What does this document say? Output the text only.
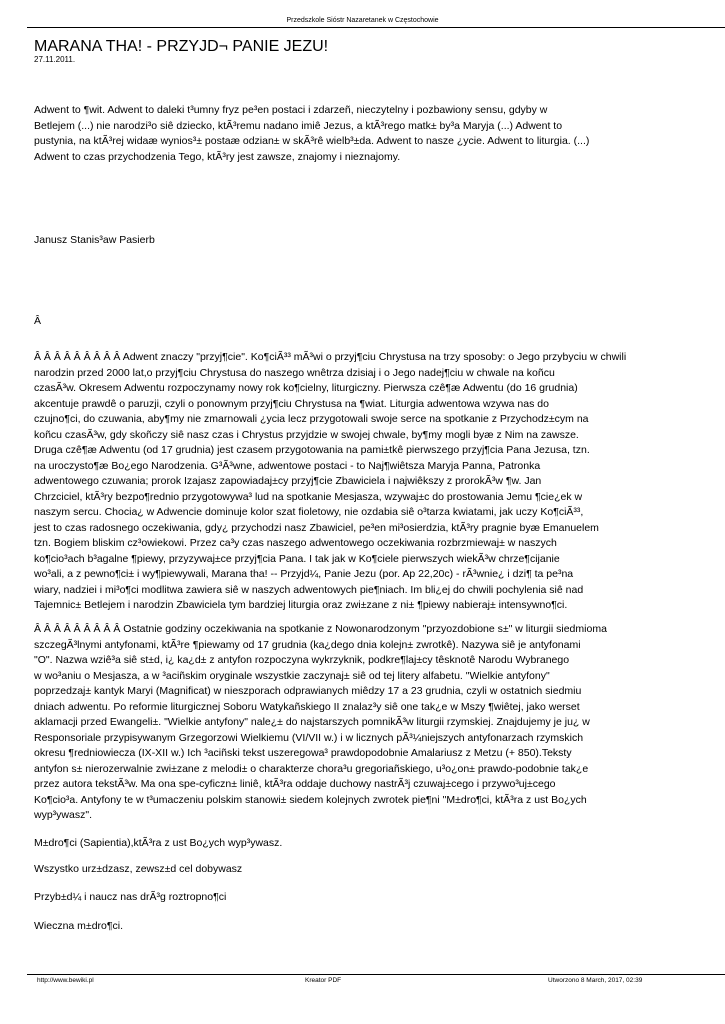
Przedszkole Sióstr Nazaretanek w Częstochowie
MARANA THA! - PRZYJD¬ PANIE JEZU!
27.11.2011.
Adwent to ¶wit. Adwent to daleki t³umny fryz pe³en postaci i zdarzeñ, nieczytelny i pozbawiony sensu, gdyby w
Betlejem (...) nie narodzi³o siê dziecko, ktÃ³remu nadano imiê Jezus, a ktÃ³rego matk± by³a Maryja (...) Adwent to
pustynia, na ktÃ³rej widaæ wynios³± postaæ odzian± w skÃ³rê wielb³±da. Adwent to nasze ¿ycie. Adwent to liturgia. (...)
Adwent to czas przychodzenia Tego, ktÃ³ry jest zawsze, znajomy i nieznajomy.
Janusz Stanis³aw Pasierb
Â
Â Â Â Â Â Â Â Â Â Adwent znaczy "przyj¶cie". Ko¶ciÃ³³ mÃ³wi o przyj¶ciu Chrystusa na trzy sposoby: o Jego przybyciu w chwili
narodzin przed 2000 lat,o przyj¶ciu Chrystusa do naszego wnêtrza dzisiaj i o Jego nadej¶ciu w chwale na koñcu
czasÃ³w. Okresem Adwentu rozpoczynamy nowy rok ko¶cielny, liturgiczny. Pierwsza czê¶æ Adwentu (do 16 grudnia)
akcentuje prawdê o paruzji, czyli o ponownym przyj¶ciu Chrystusa na ¶wiat. Liturgia adwentowa wzywa nas do
czujno¶ci, do czuwania, aby¶my nie zmarnowali ¿ycia lecz przygotowali swoje serce na spotkanie z Przychodz±cym na
koñcu czasÃ³w, gdy skoñczy siê nasz czas i Chrystus przyjdzie w swojej chwale, by¶my mogli byæ z Nim na zawsze.
Druga czê¶æ Adwentu (od 17 grudnia) jest czasem przygotowania na pami±tkê pierwszego przyj¶cia Pana Jezusa, tzn.
na uroczysto¶æ Bo¿ego Narodzenia. G³Ã³wne, adwentowe postaci - to Naj¶wiêtsza Maryja Panna, Patronka
adwentowego czuwania; prorok Izajasz zapowiadaj±cy przyj¶cie Zbawiciela i najwiêkszy z prorokÃ³w ¶w. Jan
Chrzciciel, ktÃ³ry bezpo¶rednio przygotowywa³ lud na spotkanie Mesjasza, wzywaj±c do prostowania Jemu ¶cie¿ek w
naszym sercu. Chocia¿ w Adwencie dominuje kolor szat fioletowy, nie ozdabia siê o³tarza kwiatami, jak uczy Ko¶ciÃ³³,
jest to czas radosnego oczekiwania, gdy¿ przychodzi nasz Zbawiciel, pe³en mi³osierdzia, ktÃ³ry pragnie byæ Emanuelem
tzn. Bogiem bliskim cz³owiekowi. Przez ca³y czas naszego adwentowego oczekiwania rozbrzmiewaj± w naszych
ko¶cio³ach b³agalne ¶piewy, przyzywaj±ce przyj¶cia Pana. I tak jak w Ko¶ciele pierwszych wiekÃ³w chrze¶cijanie
wo³ali, a z pewno¶ci± i wy¶piewywali, Marana tha! -- Przyjd¼, Panie Jezu (por. Ap 22,20c) - rÃ³wnie¿ i dzi¶ ta pe³na
wiary, nadziei i mi³o¶ci modlitwa zawiera siê w naszych adwentowych pie¶niach. Im bli¿ej do chwili pochylenia siê nad
Tajemnic± Betlejem i narodzin Zbawiciela tym bardziej liturgia oraz zwi±zane z ni± ¶piewy nabieraj± intensywno¶ci.
Â Â Â Â Â Â Â Â Â Ostatnie godziny oczekiwania na spotkanie z Nowonarodzonym "przyozdobione s±" w liturgii siedmioma
szczegÃ³lnymi antyfonami, ktÃ³re ¶piewamy od 17 grudnia (ka¿dego dnia kolejn± zwrotkê). Nazywa siê je antyfonami
"O". Nazwa wziê³a siê st±d, i¿ ka¿d± z antyfon rozpoczyna wykrzyknik, podkre¶laj±cy têsknotê Narodu Wybranego
w wo³aniu o Mesjasza, a w ³aciñskim oryginale wszystkie zaczynaj± siê od tej litery alfabetu. "Wielkie antyfony"
poprzedzaj± kantyk Maryi (Magnificat) w nieszporach odprawianych miêdzy 17 a 23 grudnia, czyli w ostatnich siedmiu
dniach adwentu. Po reformie liturgicznej Soboru Watykañskiego II znalaz³y siê one tak¿e w Mszy ¶wiêtej, jako werset
aklamacji przed Ewangeli±. "Wielkie antyfony" nale¿± do najstarszych pomnikÃ³w liturgii rzymskiej. Znajdujemy je ju¿ w
Responsoriale przypisywanym Grzegorzowi Wielkiemu (VI/VII w.) i w licznych pÃ³¼niejszych antyfonarzach rzymskich
okresu ¶redniowiecza (IX-XII w.) Ich ³aciñski tekst uszeregowa³ prawdopodobnie Amalariusz z Metzu (+ 850).Teksty
antyfon s± nierozerwalnie zwi±zane z melodi± o charakterze chora³u gregoriañskiego, u³o¿on± prawdo-podobnie tak¿e
przez autora tekstÃ³w. Ma ona spe-cyficzn± liniê, ktÃ³ra oddaje duchowy nastrÃ³j czuwaj±cego i przywo³uj±cego
Ko¶cio³a. Antyfony te w t³umaczeniu polskim stanowi± siedem kolejnych zwrotek pie¶ni "M±dro¶ci, ktÃ³ra z ust Bo¿ych
wyp³ywasz".
M±dro¶ci (Sapientia),ktÃ³ra z ust Bo¿ych wyp³ywasz.
Wszystko urz±dzasz, zewsz±d cel dobywasz
Przyb±d¼ i naucz nas drÃ³g roztropno¶ci
Wieczna m±dro¶ci.
http://www.bewiki.pl	Kreator PDF	Utworzono 8 March, 2017, 02:39
